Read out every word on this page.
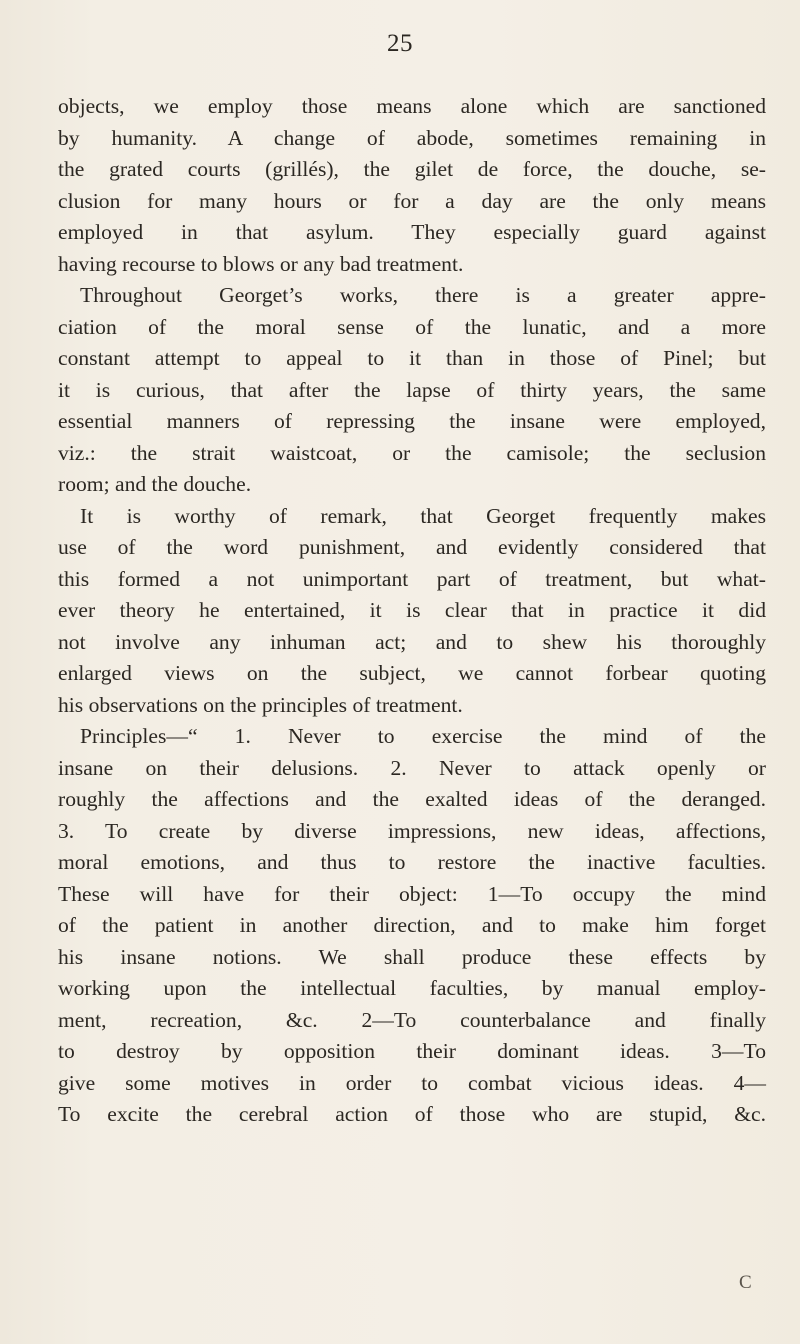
25
objects, we employ those means alone which are sanctioned
by humanity. A change of abode, sometimes remaining in
the grated courts (grillés), the gilet de force, the douche, se-
clusion for many hours or for a day are the only means
employed in that asylum. They especially guard against
having recourse to blows or any bad treatment.
Throughout Georget’s works, there is a greater appre-
ciation of the moral sense of the lunatic, and a more
constant attempt to appeal to it than in those of Pinel; but
it is curious, that after the lapse of thirty years, the same
essential manners of repressing the insane were employed,
viz.: the strait waistcoat, or the camisole; the seclusion
room; and the douche.
It is worthy of remark, that Georget frequently makes
use of the word punishment, and evidently considered that
this formed a not unimportant part of treatment, but what-
ever theory he entertained, it is clear that in practice it did
not involve any inhuman act; and to shew his thoroughly
enlarged views on the subject, we cannot forbear quoting
his observations on the principles of treatment.
Principles—“ 1. Never to exercise the mind of the
insane on their delusions. 2. Never to attack openly or
roughly the affections and the exalted ideas of the deranged.
3. To create by diverse impressions, new ideas, affections,
moral emotions, and thus to restore the inactive faculties.
These will have for their object: 1—To occupy the mind
of the patient in another direction, and to make him forget
his insane notions. We shall produce these effects by
working upon the intellectual faculties, by manual employ-
ment, recreation, &c. 2—To counterbalance and finally
to destroy by opposition their dominant ideas. 3—To
give some motives in order to combat vicious ideas. 4—
To excite the cerebral action of those who are stupid, &c.
C
